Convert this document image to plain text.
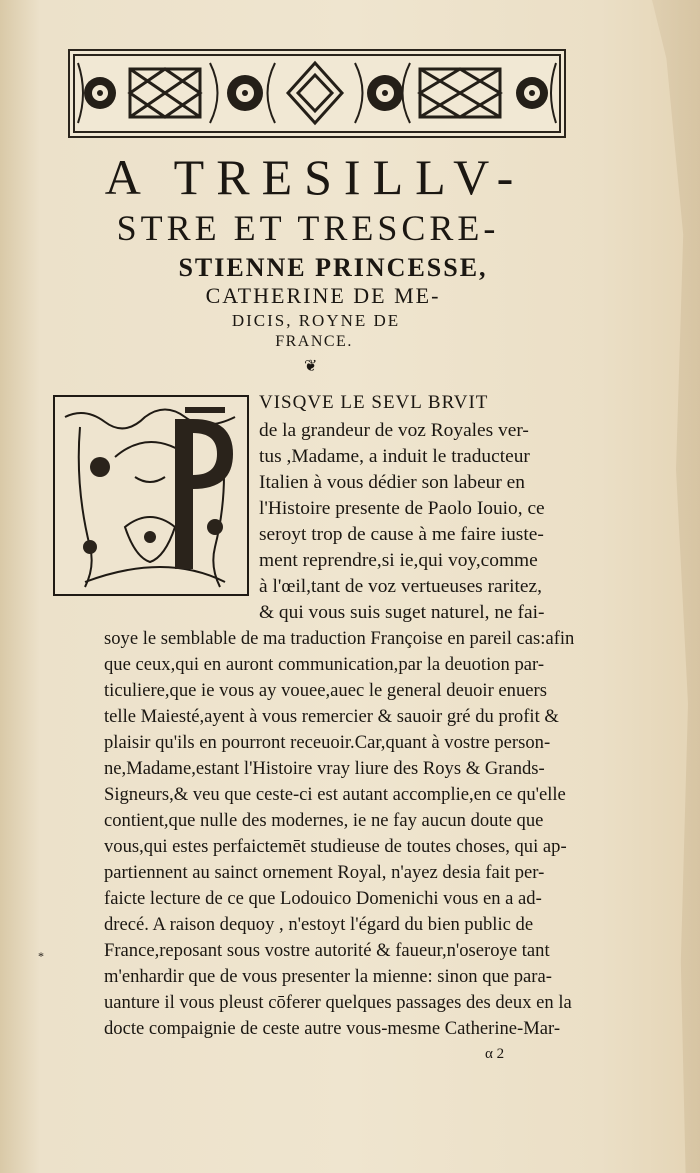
A TRESILLV-
STRE ET TRESCRE-
STIENNE PRINCESSE,
CATHERINE DE ME-
DICIS, ROYNE DE
FRANCE.
❦
VISQVE LE SEVL BRVIT
de la grandeur de voz Royales ver-
tus ,Madame, a induit le traducteur
Italien à vous dédier son labeur en
l'Histoire presente de Paolo Iouio, ce
seroyt trop de cause à me faire iuste-
ment reprendre,si ie,qui voy,comme
à l'œil,tant de voz vertueuses raritez,
& qui vous suis suget naturel, ne fai-
soye le semblable de ma traduction Françoise en pareil cas:afin
que ceux,qui en auront communication,par la deuotion par-
ticuliere,que ie vous ay vouee,auec le general deuoir enuers
telle Maiesté,ayent à vous remercier & sauoir gré du profit &
plaisir qu'ils en pourront receuoir.Car,quant à vostre person-
ne,Madame,estant l'Histoire vray liure des Roys & Grands-
Signeurs,& veu que ceste-ci est autant accomplie,en ce qu'elle
contient,que nulle des modernes, ie ne fay aucun doute que
vous,qui estes perfaictemēt studieuse de toutes choses, qui ap-
partiennent au sainct ornement Royal, n'ayez desia fait per-
faicte lecture de ce que Lodouico Domenichi vous en a ad-
drecé. A raison dequoy , n'estoyt l'égard du bien public de
France,reposant sous vostre autorité & faueur,n'oseroye tant
m'enhardir que de vous presenter la mienne: sinon que para-
uanture il vous pleust cōferer quelques passages des deux en la
docte compaignie de ceste autre vous-mesme Catherine-Mar-
*
α 2
